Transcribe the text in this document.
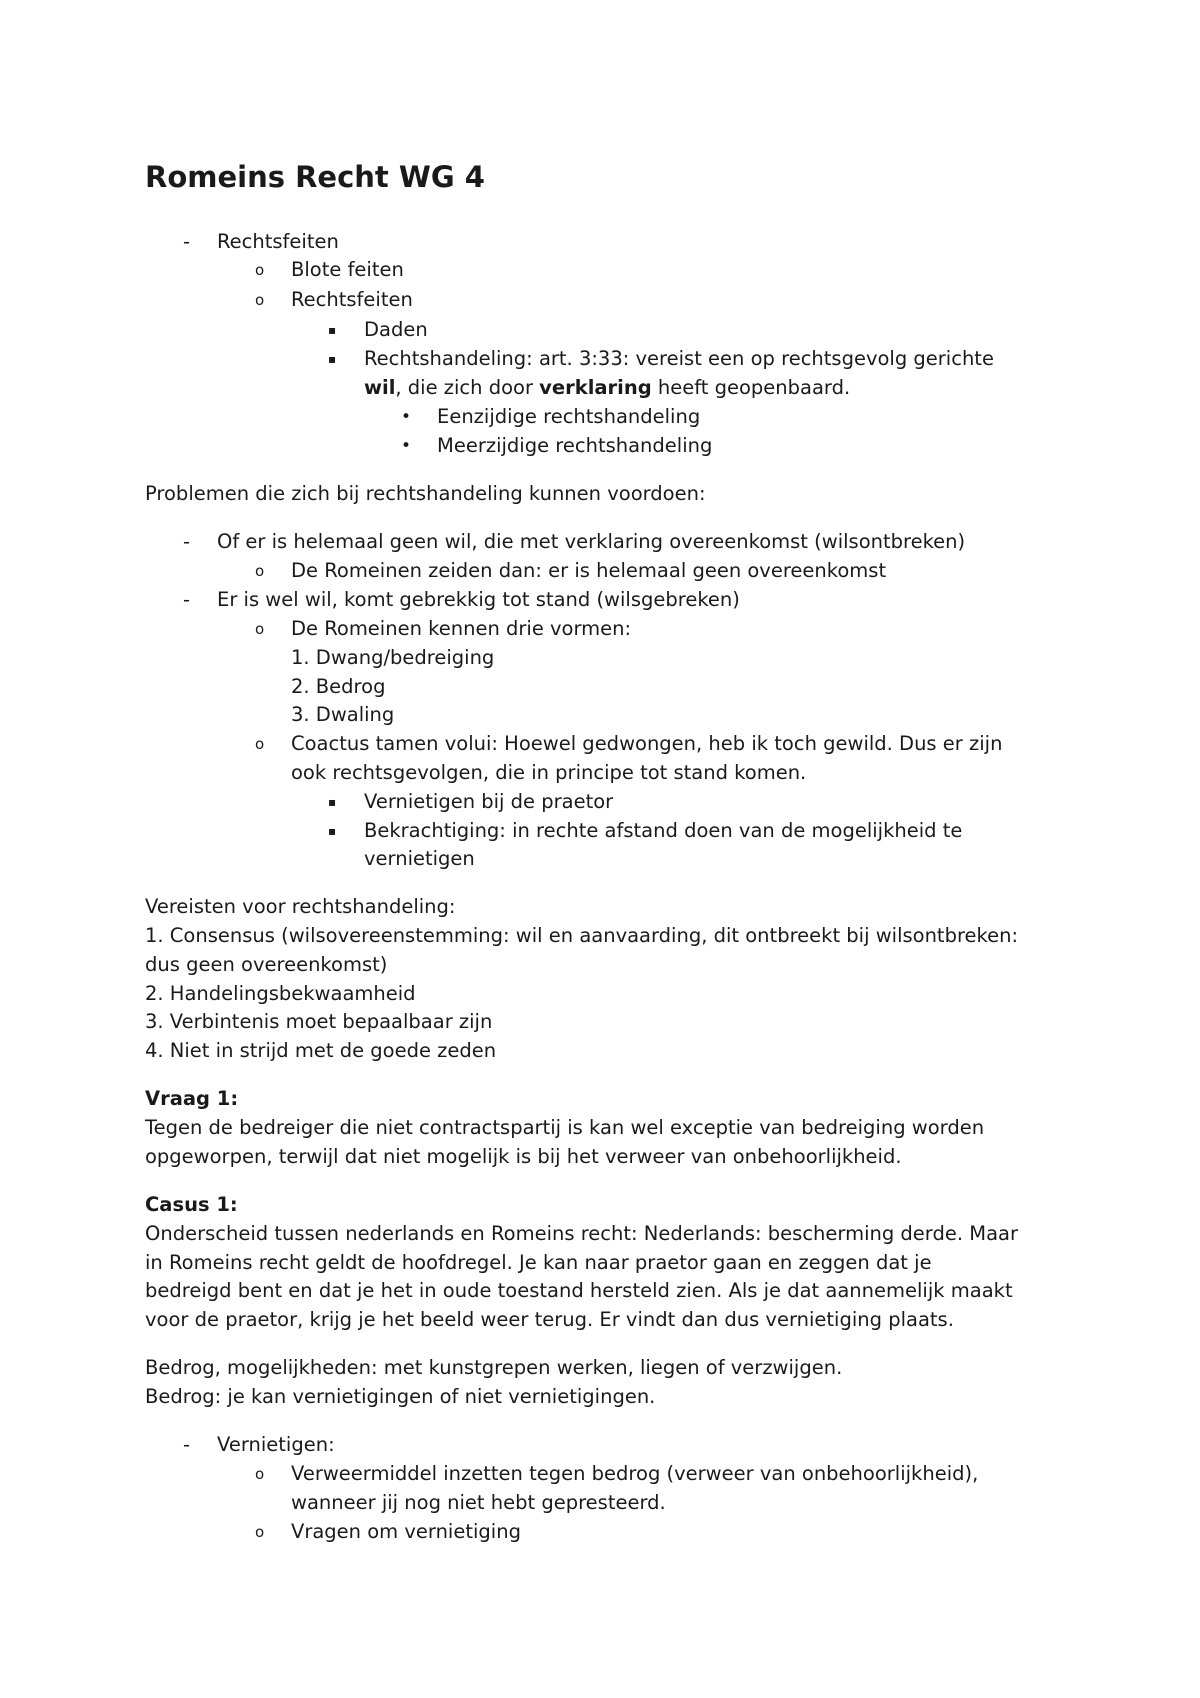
Romeins Recht WG 4
- Rechtsfeiten
o Blote feiten
o Rechtsfeiten
▪ Daden
▪ Rechtshandeling: art. 3:33: vereist een op rechtsgevolg gerichte
wil, die zich door verklaring heeft geopenbaard.
• Eenzijdige rechtshandeling
• Meerzijdige rechtshandeling
Problemen die zich bij rechtshandeling kunnen voordoen:
- Of er is helemaal geen wil, die met verklaring overeenkomst (wilsontbreken)
o De Romeinen zeiden dan: er is helemaal geen overeenkomst
- Er is wel wil, komt gebrekkig tot stand (wilsgebreken)
o De Romeinen kennen drie vormen:
1. Dwang/bedreiging
2. Bedrog
3. Dwaling
o Coactus tamen volui: Hoewel gedwongen, heb ik toch gewild. Dus er zijn
ook rechtsgevolgen, die in principe tot stand komen.
▪ Vernietigen bij de praetor
▪ Bekrachtiging: in rechte afstand doen van de mogelijkheid te
vernietigen
Vereisten voor rechtshandeling:
1. Consensus (wilsovereenstemming: wil en aanvaarding, dit ontbreekt bij wilsontbreken:
dus geen overeenkomst)
2. Handelingsbekwaamheid
3. Verbintenis moet bepaalbaar zijn
4. Niet in strijd met de goede zeden
Vraag 1:
Tegen de bedreiger die niet contractspartij is kan wel exceptie van bedreiging worden
opgeworpen, terwijl dat niet mogelijk is bij het verweer van onbehoorlijkheid.
Casus 1:
Onderscheid tussen nederlands en Romeins recht: Nederlands: bescherming derde. Maar
in Romeins recht geldt de hoofdregel. Je kan naar praetor gaan en zeggen dat je
bedreigd bent en dat je het in oude toestand hersteld zien. Als je dat aannemelijk maakt
voor de praetor, krijg je het beeld weer terug. Er vindt dan dus vernietiging plaats.
Bedrog, mogelijkheden: met kunstgrepen werken, liegen of verzwijgen.
Bedrog: je kan vernietigingen of niet vernietigingen.
- Vernietigen:
o Verweermiddel inzetten tegen bedrog (verweer van onbehoorlijkheid),
wanneer jij nog niet hebt gepresteerd.
o Vragen om vernietiging
